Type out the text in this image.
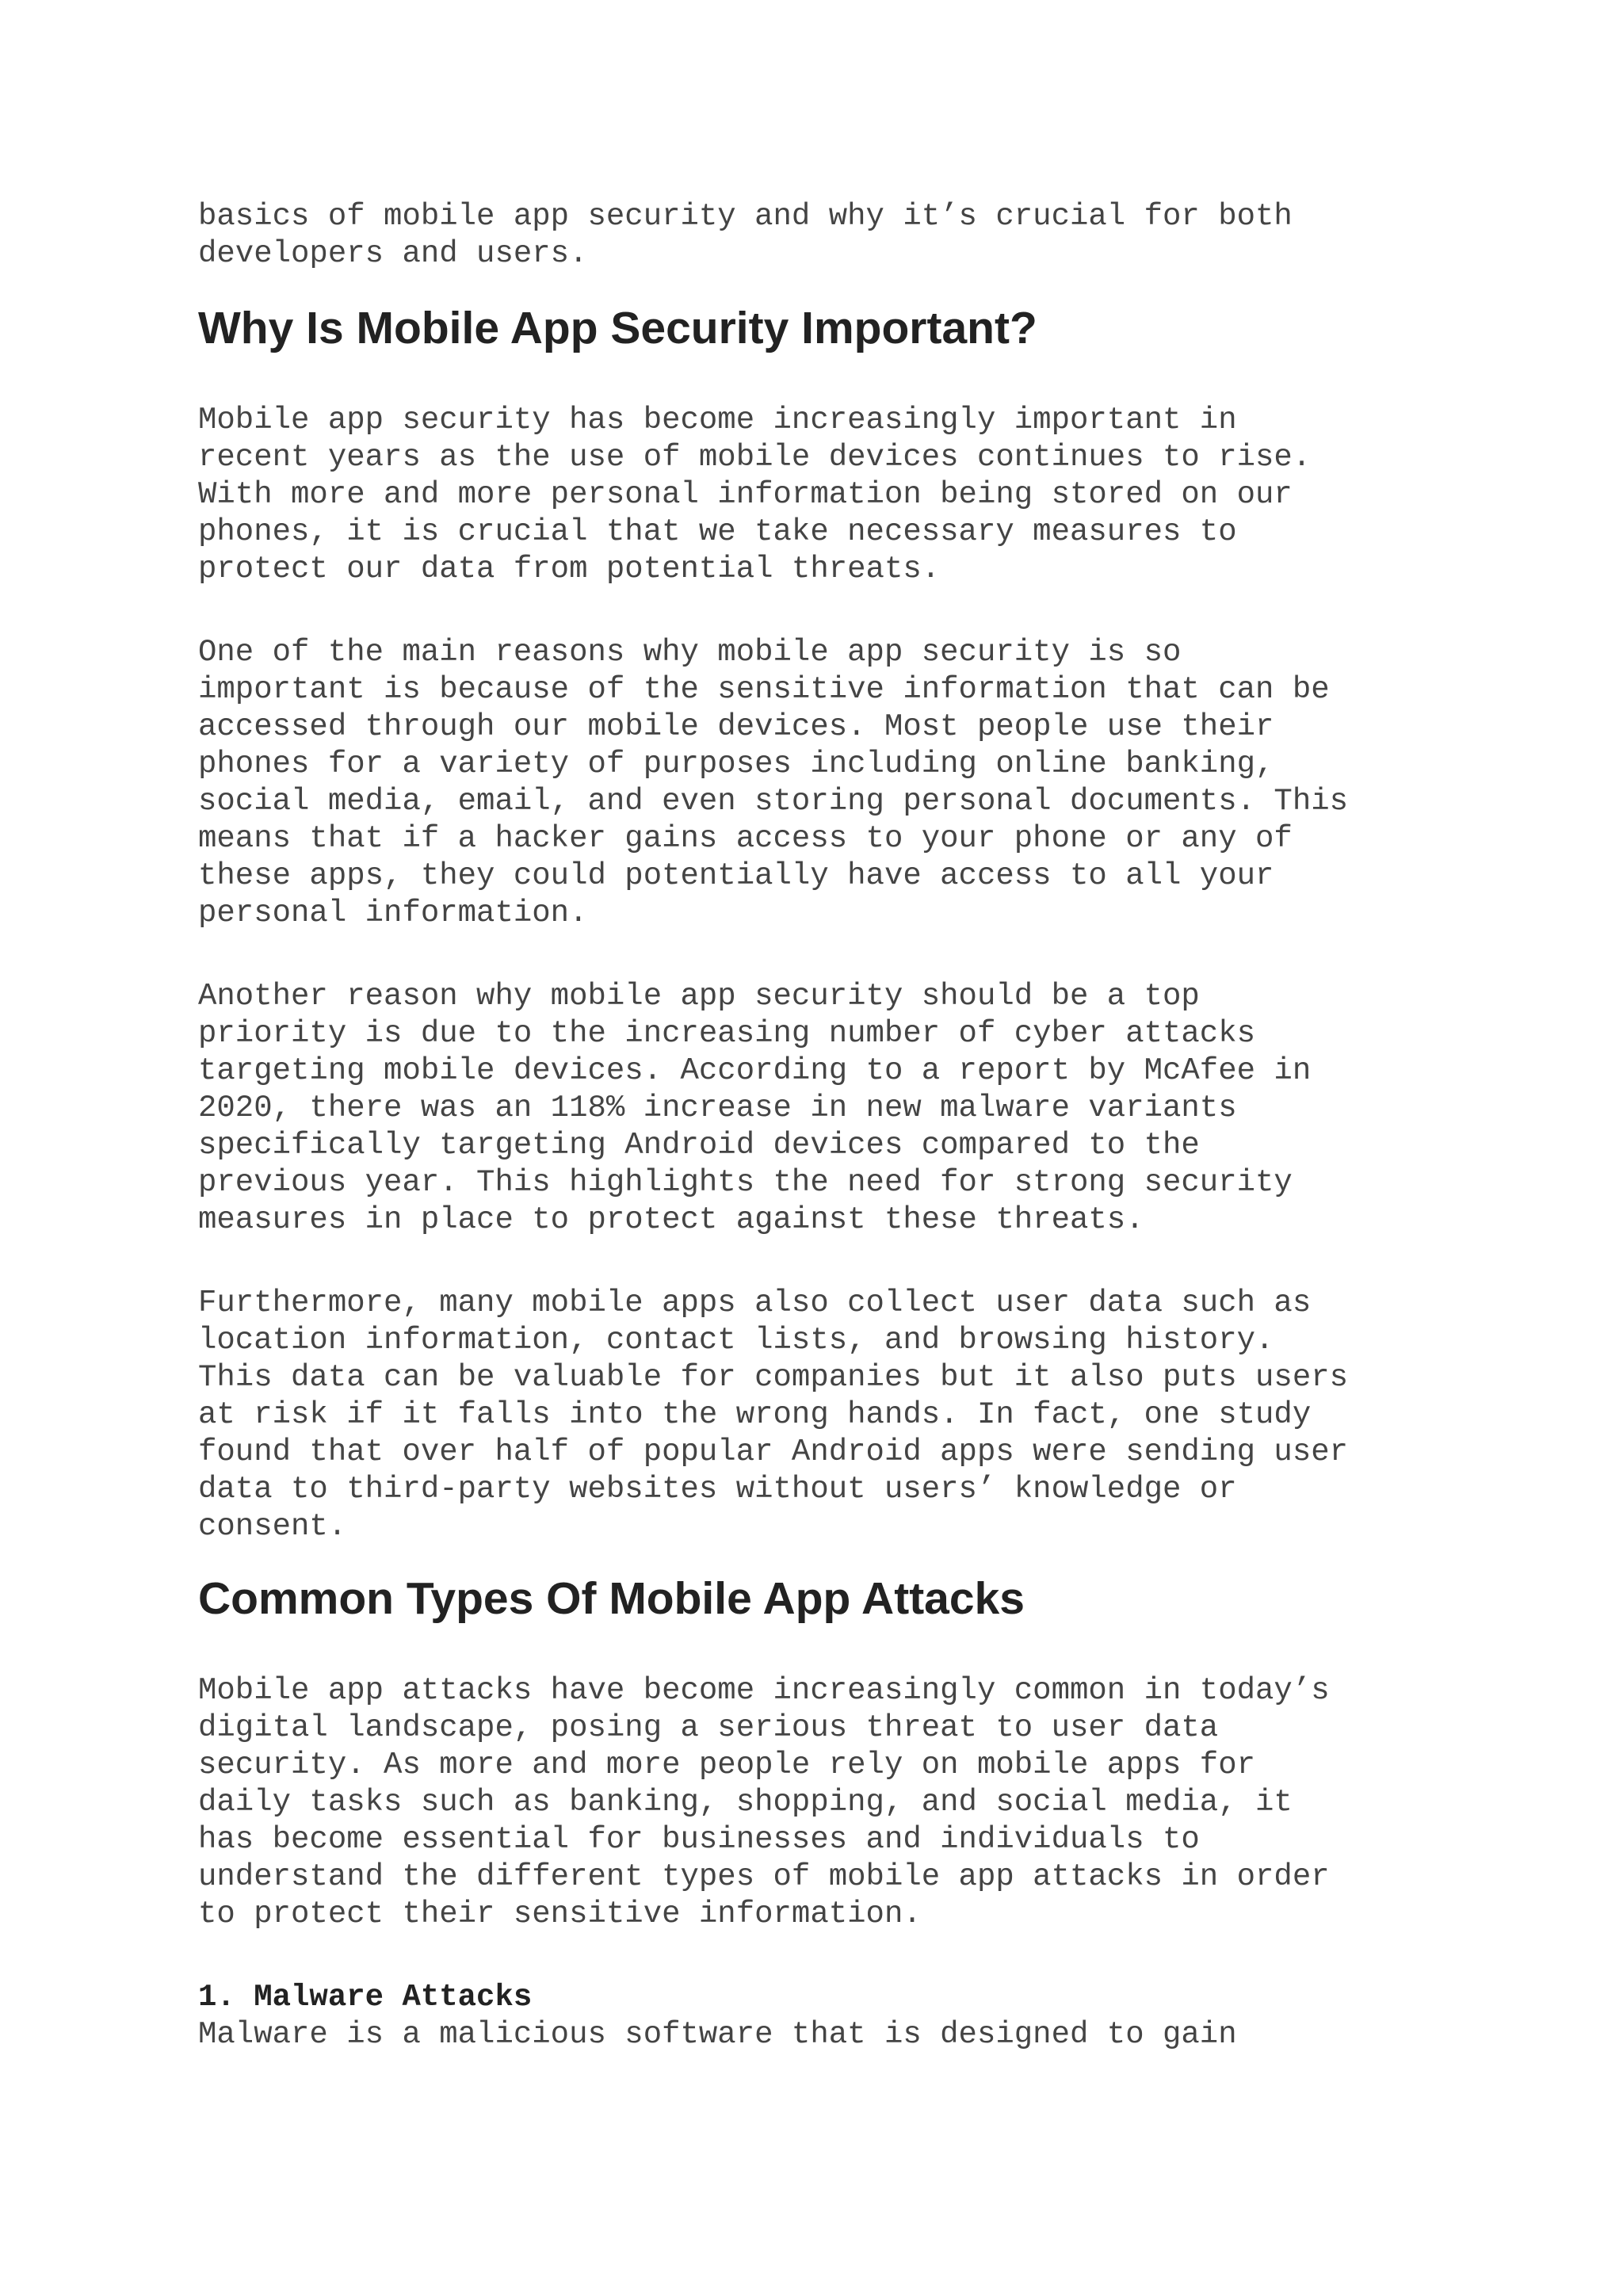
basics of mobile app security and why it’s crucial for both
developers and users.
Why Is Mobile App Security Important?
Mobile app security has become increasingly important in
recent years as the use of mobile devices continues to rise.
With more and more personal information being stored on our
phones, it is crucial that we take necessary measures to
protect our data from potential threats.
One of the main reasons why mobile app security is so
important is because of the sensitive information that can be
accessed through our mobile devices. Most people use their
phones for a variety of purposes including online banking,
social media, email, and even storing personal documents. This
means that if a hacker gains access to your phone or any of
these apps, they could potentially have access to all your
personal information.
Another reason why mobile app security should be a top
priority is due to the increasing number of cyber attacks
targeting mobile devices. According to a report by McAfee in
2020, there was an 118% increase in new malware variants
specifically targeting Android devices compared to the
previous year. This highlights the need for strong security
measures in place to protect against these threats.
Furthermore, many mobile apps also collect user data such as
location information, contact lists, and browsing history.
This data can be valuable for companies but it also puts users
at risk if it falls into the wrong hands. In fact, one study
found that over half of popular Android apps were sending user
data to third-party websites without users’ knowledge or
consent.
Common Types Of Mobile App Attacks
Mobile app attacks have become increasingly common in today’s
digital landscape, posing a serious threat to user data
security. As more and more people rely on mobile apps for
daily tasks such as banking, shopping, and social media, it
has become essential for businesses and individuals to
understand the different types of mobile app attacks in order
to protect their sensitive information.
1. Malware Attacks
Malware is a malicious software that is designed to gain
